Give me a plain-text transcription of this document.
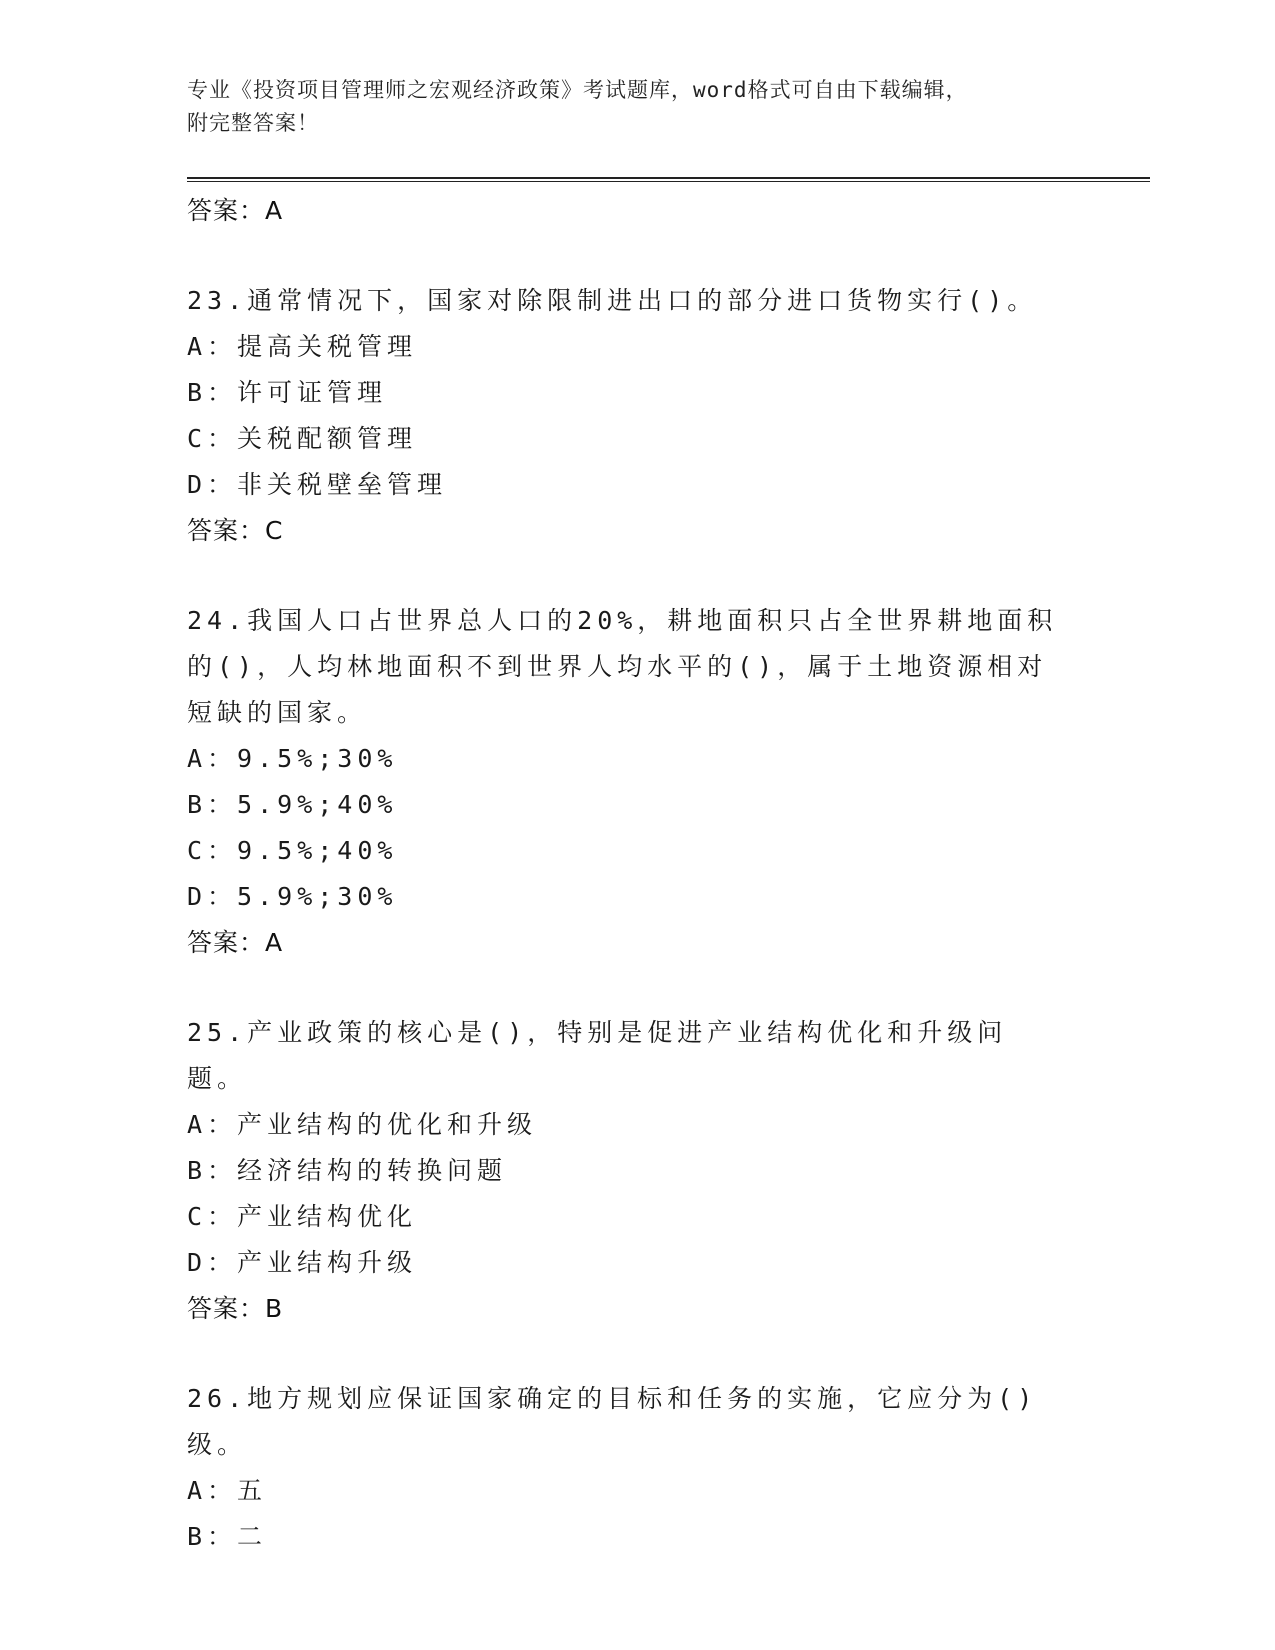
专业《投资项目管理师之宏观经济政策》考试题库，word格式可自由下载编辑，
附完整答案！
答案：A
23.通常情况下，国家对除限制进出口的部分进口货物实行()。
A：提高关税管理
B：许可证管理
C：关税配额管理
D：非关税壁垒管理
答案：C
24.我国人口占世界总人口的20%，耕地面积只占全世界耕地面积的()，人均林地面积不到世界人均水平的()，属于土地资源相对短缺的国家。
A：9.5%;30%
B：5.9%;40%
C：9.5%;40%
D：5.9%;30%
答案：A
25.产业政策的核心是()，特别是促进产业结构优化和升级问题。
A：产业结构的优化和升级
B：经济结构的转换问题
C：产业结构优化
D：产业结构升级
答案：B
26.地方规划应保证国家确定的目标和任务的实施，它应分为()级。
A：五
B：二
